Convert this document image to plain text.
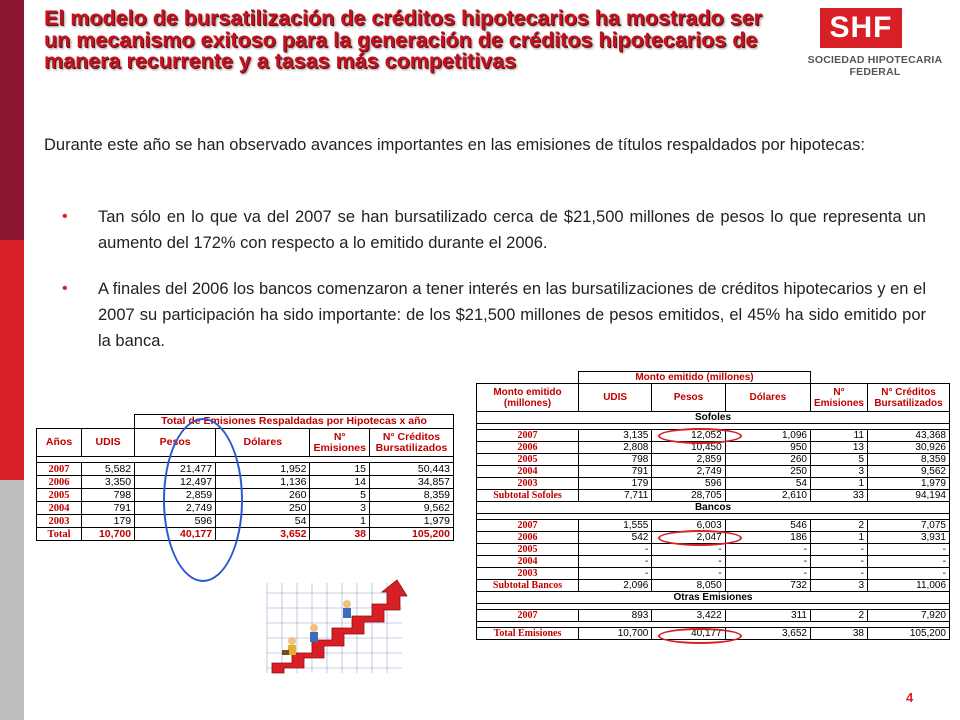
El modelo de bursatilización de créditos hipotecarios ha mostrado ser un mecanismo exitoso para la generación de créditos hipotecarios de manera recurrente y a tasas más competitivas
SHF
SOCIEDAD HIPOTECARIA FEDERAL
Durante este año se han observado avances importantes en las emisiones de títulos respaldados por hipotecas:
• Tan sólo en lo que va del 2007 se han bursatilizado cerca de $21,500 millones de pesos lo que representa un aumento del 172% con respecto a lo emitido durante el 2006.
• A finales del 2006 los bancos comenzaron a tener interés en las bursatilizaciones de créditos hipotecarios y en el 2007 su participación ha sido importante: de los $21,500 millones de pesos emitidos, el 45% ha sido emitido por la banca.
		Total de Emisiones Respaldadas por Hipotecas x año			
Años	UDIS	Pesos	Dólares	N° Emisiones	N° Créditos Bursatilizados

2007	5,582	21,477	1,952	15	50,443
2006	3,350	12,497	1,136	14	34,857
2005	798	2,859	260	5	8,359
2004	791	2,749	250	3	9,562
2003	179	596	54	1	1,979
Total	10,700	40,177	3,652	38	105,200
	Monto emitido (millones)				
Monto emitido (millones)	UDIS	Pesos	Dólares	N° Emisiones	N° Créditos Bursatilizados
Sofoles					

2007	3,135	12,052	1,096	11	43,368
2006	2,808	10,450	950	13	30,926
2005	798	2,859	260	5	8,359
2004	791	2,749	250	3	9,562
2003	179	596	54	1	1,979
Subtotal Sofoles	7,711	28,705	2,610	33	94,194
Bancos					

2007	1,555	6,003	546	2	7,075
2006	542	2,047	186	1	3,931
2005	-	-	-	-	-
2004	-	-	-	-	-
2003	-	-	-	-	-
Subtotal Bancos	2,096	8,050	732	3	11,006
Otras Emisiones					

2007	893	3,422	311	2	7,920

Total Emisiones	10,700	40,177	3,652	38	105,200
4
